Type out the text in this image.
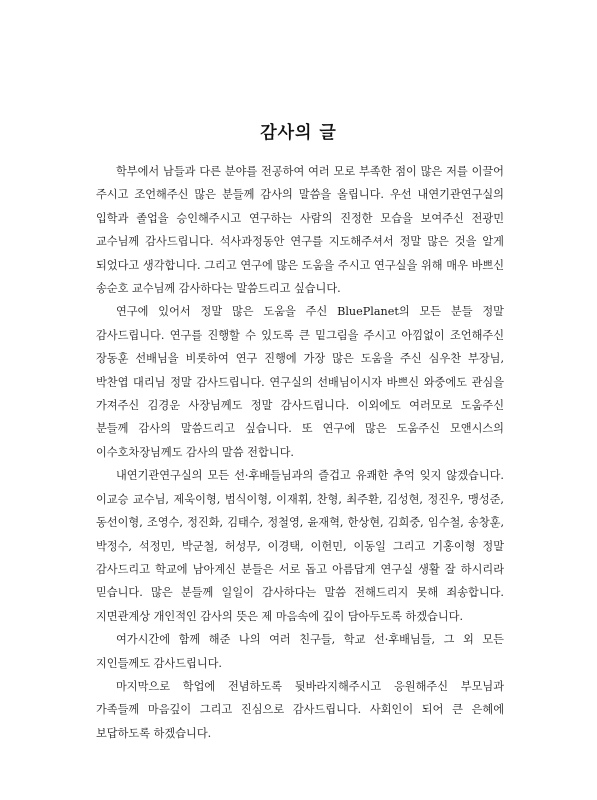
감사의 글

학부에서 남들과 다른 분야를 전공하여 여러 모로 부족한 점이 많은 저를 이끌어 주시고 조언해주신 많은 분들께 감사의 말씀을 올립니다. 우선 내연기관연구실의 입학과 졸업을 승인해주시고 연구하는 사람의 진정한 모습을 보여주신 전광민 교수님께 감사드립니다. 석사과정동안 연구를 지도해주셔서 정말 많은 것을 알게 되었다고 생각합니다. 그리고 연구에 많은 도움을 주시고 연구실을 위해 매우 바쁘신 송순호 교수님께 감사하다는 말씀드리고 싶습니다.

연구에 있어서 정말 많은 도움을 주신 BluePlanet의 모든 분들 정말 감사드립니다. 연구를 진행할 수 있도록 큰 밑그림을 주시고 아낌없이 조언해주신 장동훈 선배님을 비롯하여 연구 진행에 가장 많은 도움을 주신 심우찬 부장님, 박찬엽 대리님 정말 감사드립니다. 연구실의 선배님이시자 바쁘신 와중에도 관심을 가져주신 김경운 사장님께도 정말 감사드립니다. 이외에도 여러모로 도움주신 분들께 감사의 말씀드리고 싶습니다. 또 연구에 많은 도움주신 모앤시스의 이수호차장님께도 감사의 말씀 전합니다.

내연기관연구실의 모든 선·후배들님과의 즐겁고 유쾌한 추억 잊지 않겠습니다. 이교승 교수님, 제욱이형, 범식이형, 이재휘, 찬형, 최주환, 김성현, 정진우, 맹성준, 동선이형, 조영수, 정진화, 김태수, 정철영, 윤재혁, 한상현, 김희중, 임수철, 송창훈, 박정수, 석정민, 박군철, 허성무, 이경택, 이헌민, 이동일 그리고 기홍이형 정말 감사드리고 학교에 남아계신 분들은 서로 돕고 아름답게 연구실 생활 잘 하시리라 믿습니다. 많은 분들께 일일이 감사하다는 말씀 전해드리지 못해 죄송합니다. 지면관계상 개인적인 감사의 뜻은 제 마음속에 깊이 담아두도록 하겠습니다.

여가시간에 함께 해준 나의 여러 친구들, 학교 선·후배님들, 그 외 모든 지인들께도 감사드립니다.

마지막으로 학업에 전념하도록 뒷바라지해주시고 응원해주신 부모님과 가족들께 마음깊이 그리고 진심으로 감사드립니다. 사회인이 되어 큰 은혜에 보답하도록 하겠습니다.
